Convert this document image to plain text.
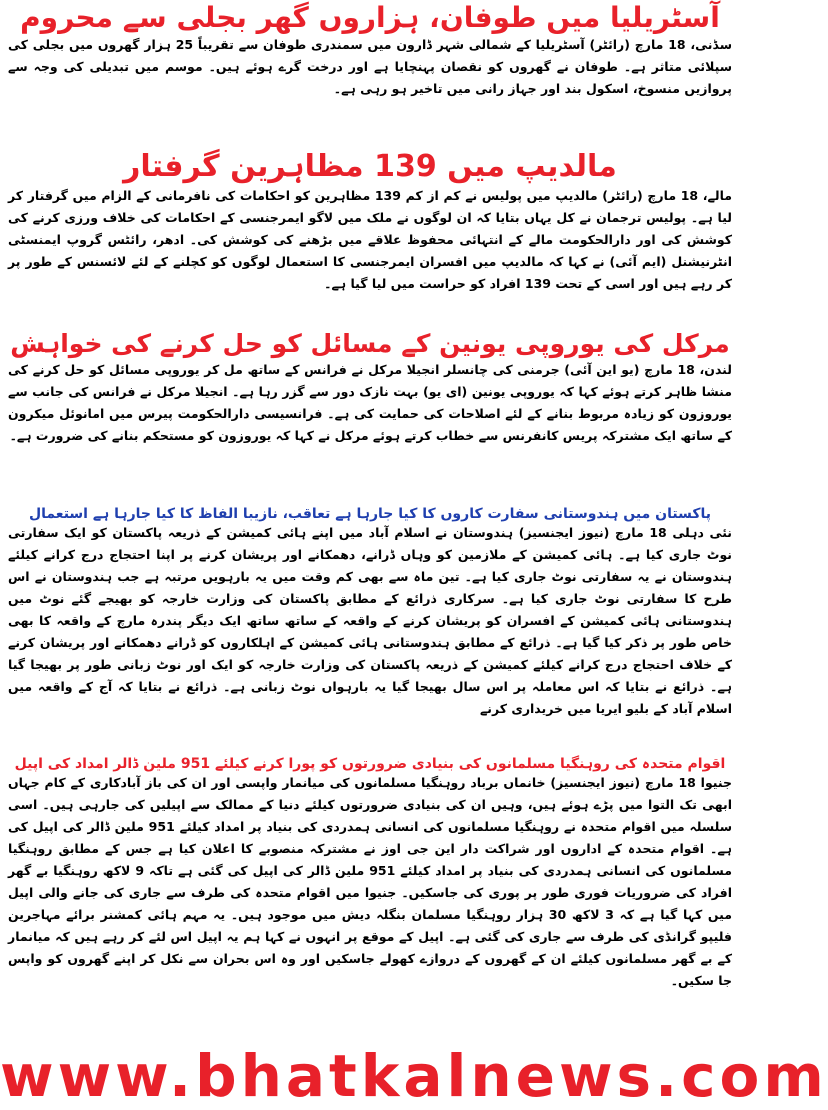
آسٹریلیا میں طوفان، ہزاروں گھر بجلی سے محروم

سڈنی، 18 مارچ (رائٹر) آسٹریلیا کے شمالی شہر ڈارون میں سمندری طوفان سے تقریباً 25 ہزار گھروں میں بجلی کی سپلائی متاثر ہے۔ طوفان نے گھروں کو نقصان پہنچایا ہے اور درخت گرے ہوئے ہیں۔ موسم میں تبدیلی کی وجہ سے پروازیں منسوخ، اسکول بند اور جہاز رانی میں تاخیر ہو رہی ہے۔

مالدیپ میں 139 مظاہرین گرفتار

مالے، 18 مارچ (رائٹر) مالدیپ میں پولیس نے کم از کم 139 مظاہرین کو احکامات کی نافرمانی کے الزام میں گرفتار کر لیا ہے۔ پولیس ترجمان نے کل یہاں بتایا کہ ان لوگوں نے ملک میں لاگو ایمرجنسی کے احکامات کی خلاف ورزی کرنے کی کوشش کی اور دارالحکومت مالے کے انتہائی محفوظ علاقے میں بڑھنے کی کوشش کی۔ ادھر، رائٹس گروپ ایمنسٹی انٹرنیشنل (ایم آئی) نے کہا کہ مالدیپ میں افسران ایمرجنسی کا استعمال لوگوں کو کچلنے کے لئے لائسنس کے طور پر کر رہے ہیں اور اسی کے تحت 139 افراد کو حراست میں لیا گیا ہے۔

مرکل کی یوروپی یونین کے مسائل کو حل کرنے کی خواہش

لندن، 18 مارچ (یو این آئی) جرمنی کی چانسلر انجیلا مرکل نے فرانس کے ساتھ مل کر یوروپی مسائل کو حل کرنے کی منشا ظاہر کرتے ہوئے کہا کہ یوروپی یونین (ای یو) بہت نازک دور سے گزر رہا ہے۔ انجیلا مرکل نے فرانس کی جانب سے یوروزون کو زیادہ مربوط بنانے کے لئے اصلاحات کی حمایت کی ہے۔ فرانسیسی دارالحکومت پیرس میں امانوئل میکرون کے ساتھ ایک مشترکہ پریس کانفرنس سے خطاب کرتے ہوئے مرکل نے کہا کہ یوروزون کو مستحکم بنانے کی ضرورت ہے۔

پاکستان میں ہندوستانی سفارت کاروں کا کیا جارہا ہے تعاقب، نازیبا الفاظ کا کیا جارہا ہے استعمال

نئی دہلی 18 مارچ (نیوز ایجنسیز) ہندوستان نے اسلام آباد میں اپنے ہائی کمیشن کے ذریعہ پاکستان کو ایک سفارتی نوٹ جاری کیا ہے۔ ہائی کمیشن کے ملازمین کو وہاں ڈرانے، دھمکانے اور پریشان کرنے پر اپنا احتجاج درج کرانے کیلئے ہندوستان نے یہ سفارتی نوٹ جاری کیا ہے۔ تین ماہ سے بھی کم وقت میں یہ بارہویں مرتبہ ہے جب ہندوستان نے اس طرح کا سفارتی نوٹ جاری کیا ہے۔ سرکاری ذرائع کے مطابق پاکستان کی وزارت خارجہ کو بھیجے گئے نوٹ میں ہندوستانی ہائی کمیشن کے افسران کو پریشان کرنے کے واقعہ کے ساتھ ساتھ ایک دیگر پندرہ مارچ کے واقعہ کا بھی خاص طور پر ذکر کیا گیا ہے۔ ذرائع کے مطابق ہندوستانی ہائی کمیشن کے اہلکاروں کو ڈرانے دھمکانے اور پریشان کرنے کے خلاف احتجاج درج کرانے کیلئے کمیشن کے ذریعہ پاکستان کی وزارت خارجہ کو ایک اور نوٹ زبانی طور پر بھیجا گیا ہے۔ ذرائع نے بتایا کہ اس معاملہ پر اس سال بھیجا گیا یہ بارہواں نوٹ زبانی ہے۔ ذرائع نے بتایا کہ آج کے واقعہ میں اسلام آباد کے بلیو ایریا میں خریداری کرنے

اقوام متحدہ کی روہنگیا مسلمانوں کی بنیادی ضرورتوں کو پورا کرنے کیلئے 951 ملین ڈالر امداد کی اپیل

جنیوا 18 مارچ (نیوز ایجنسیز) خانماں برباد روہنگیا مسلمانوں کی میانمار واپسی اور ان کی باز آبادکاری کے کام جہاں ابھی تک التوا میں پڑے ہوئے ہیں، وہیں ان کی بنیادی ضرورتوں کیلئے دنیا کے ممالک سے اپیلیں کی جارہی ہیں۔ اسی سلسلہ میں اقوام متحدہ نے روہنگیا مسلمانوں کی انسانی ہمدردی کی بنیاد پر امداد کیلئے 951 ملین ڈالر کی اپیل کی ہے۔ اقوام متحدہ کے اداروں اور شراکت دار این جی اوز نے مشترکہ منصوبے کا اعلان کیا ہے جس کے مطابق روہنگیا مسلمانوں کی انسانی ہمدردی کی بنیاد پر امداد کیلئے 951 ملین ڈالر کی اپیل کی گئی ہے تاکہ 9 لاکھ روہنگیا بے گھر افراد کی ضروریات فوری طور پر پوری کی جاسکیں۔ جنیوا میں اقوام متحدہ کی طرف سے جاری کی جانے والی اپیل میں کہا گیا ہے کہ 3 لاکھ 30 ہزار روہنگیا مسلمان بنگلہ دیش میں موجود ہیں۔ یہ مہم ہائی کمشنر برائے مہاجرین فلیپو گرانڈی کی طرف سے جاری کی گئی ہے۔ اپیل کے موقع پر انہوں نے کہا ہم یہ اپیل اس لئے کر رہے ہیں کہ میانمار کے بے گھر مسلمانوں کیلئے ان کے گھروں کے دروازے کھولے جاسکیں اور وہ اس بحران سے نکل کر اپنے گھروں کو واپس جا سکیں۔

www.bhatkalnews.com
